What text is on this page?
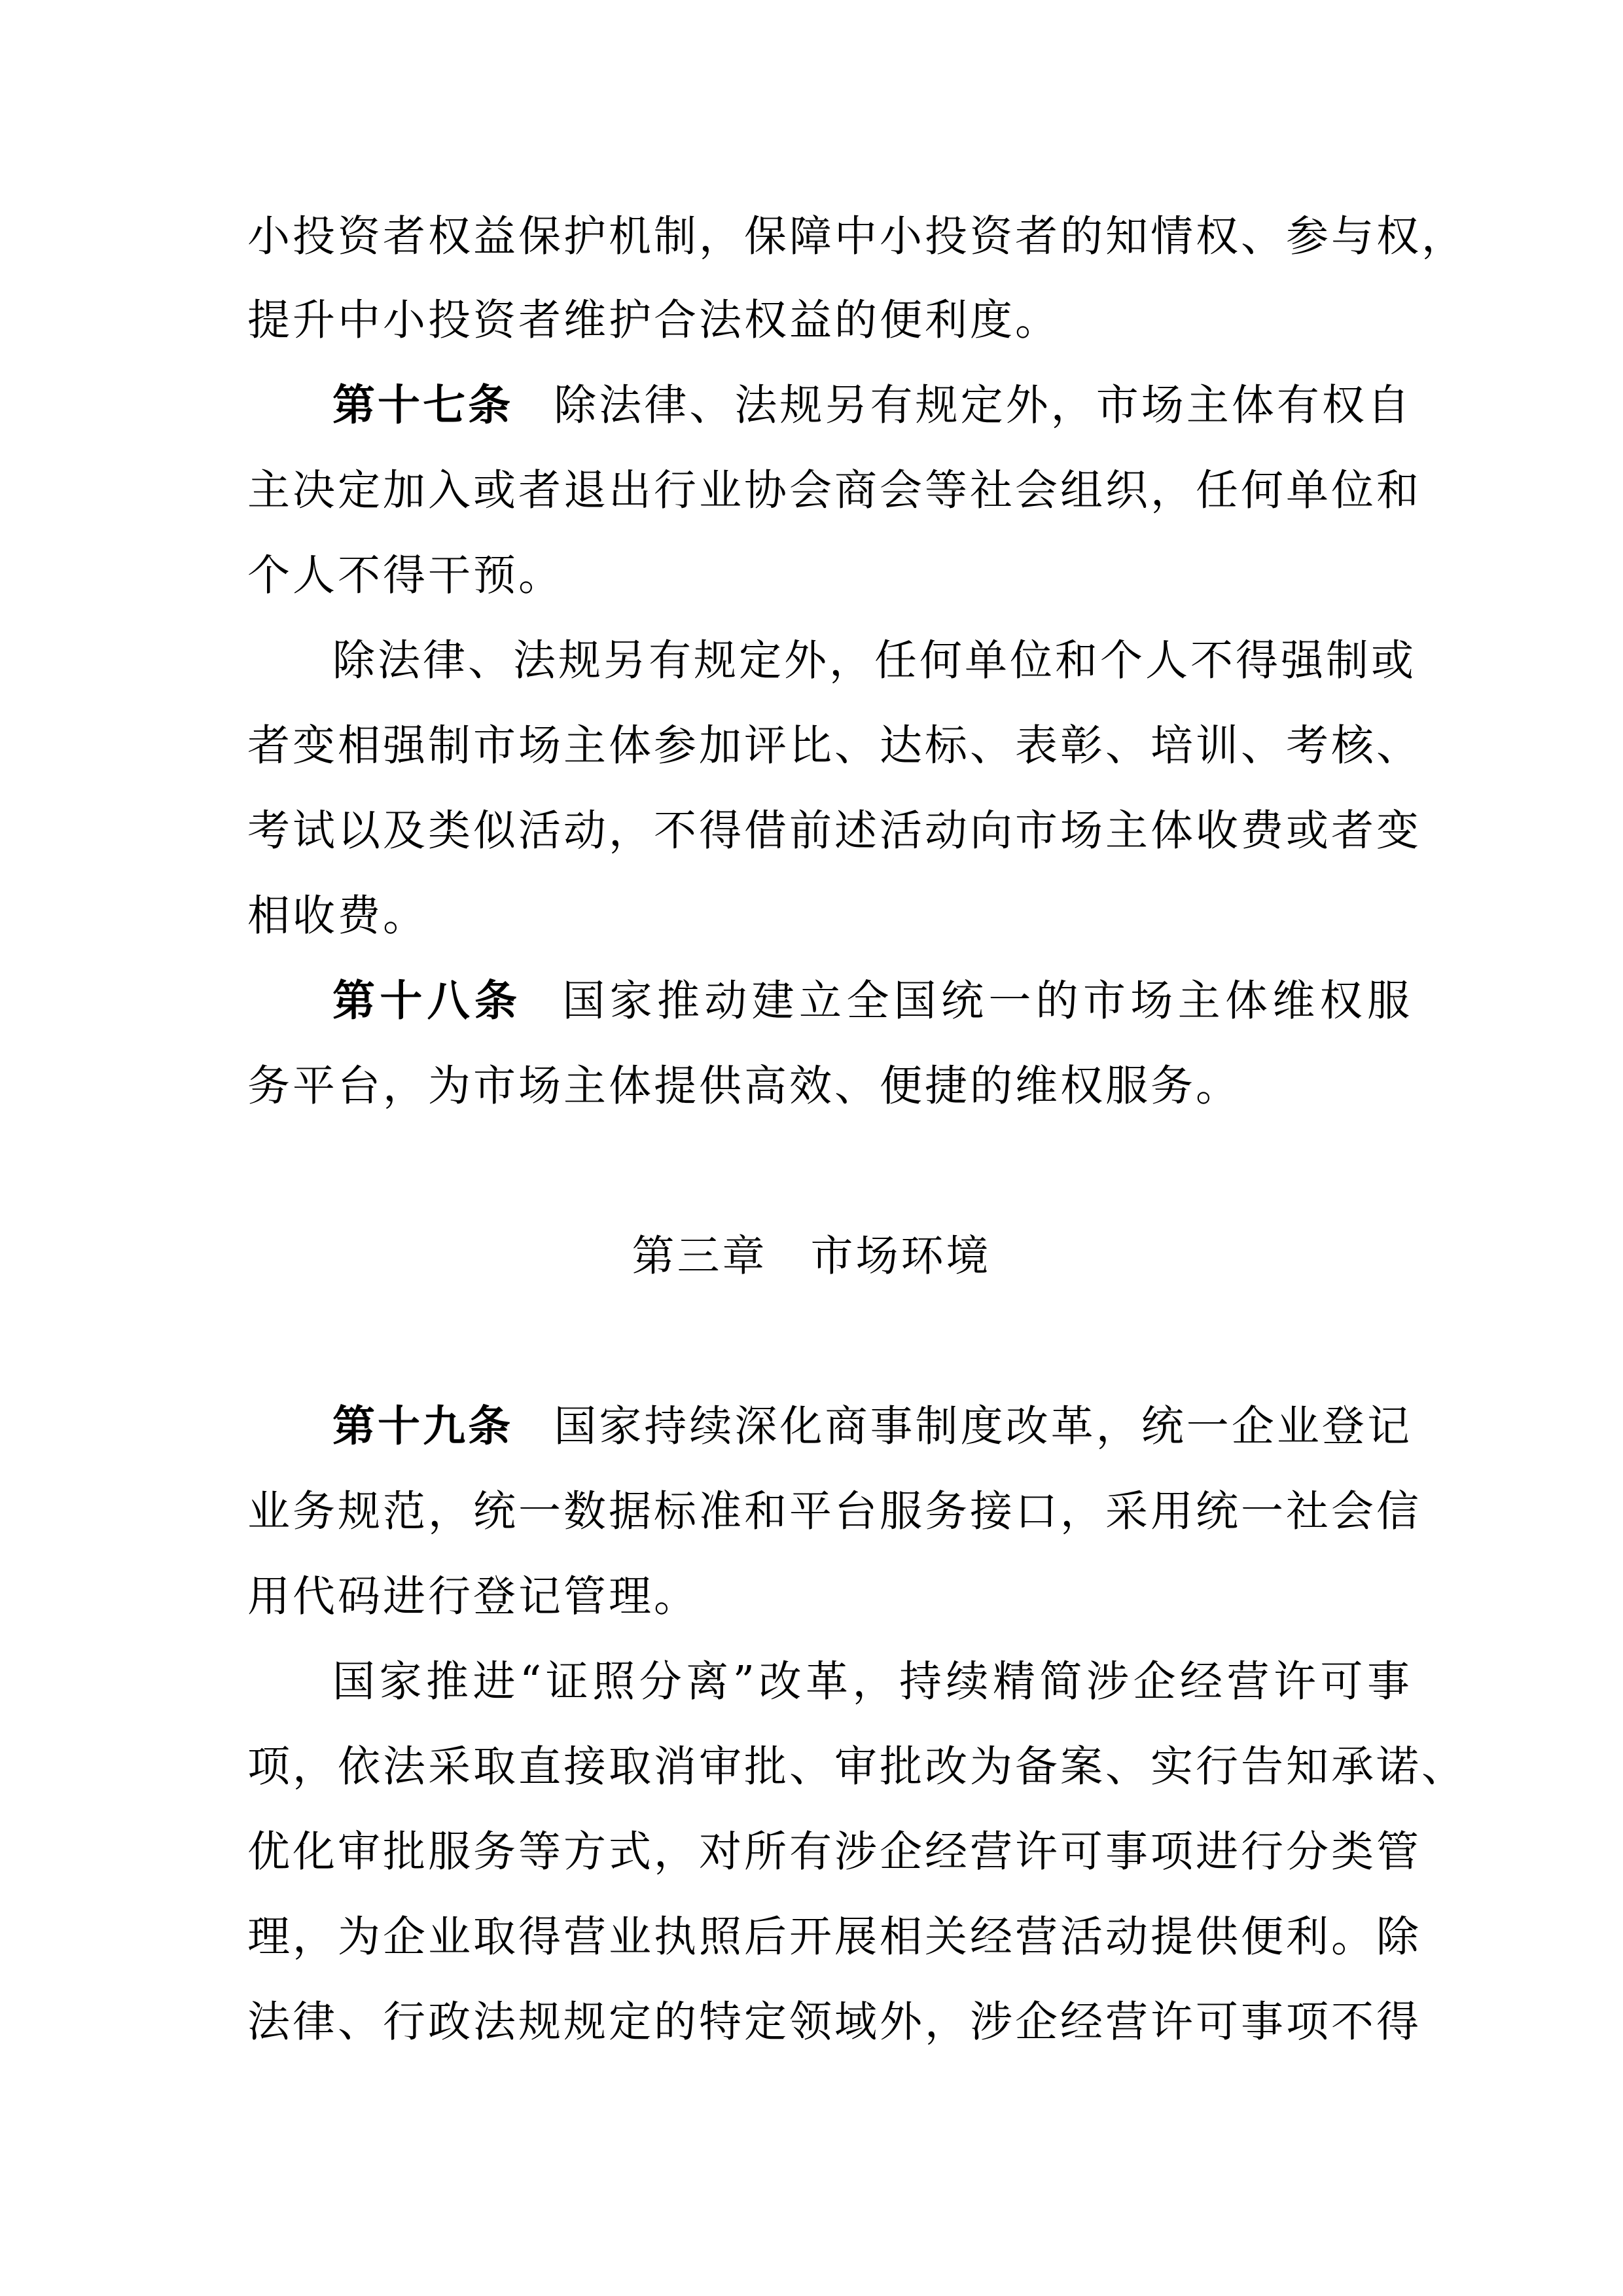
小投资者权益保护机制，保障中小投资者的知情权、参与权，
提升中小投资者维护合法权益的便利度。
第十七条 除法律、法规另有规定外，市场主体有权自
主决定加入或者退出行业协会商会等社会组织，任何单位和
个人不得干预。
除法律、法规另有规定外，任何单位和个人不得强制或
者变相强制市场主体参加评比、达标、表彰、培训、考核、
考试以及类似活动，不得借前述活动向市场主体收费或者变
相收费。
第十八条 国家推动建立全国统一的市场主体维权服
务平台，为市场主体提供高效、便捷的维权服务。
第三章 市场环境
第十九条 国家持续深化商事制度改革，统一企业登记
业务规范，统一数据标准和平台服务接口，采用统一社会信
用代码进行登记管理。
国家推进“证照分离”改革，持续精简涉企经营许可事
项，依法采取直接取消审批、审批改为备案、实行告知承诺、
优化审批服务等方式，对所有涉企经营许可事项进行分类管
理，为企业取得营业执照后开展相关经营活动提供便利。除
法律、行政法规规定的特定领域外，涉企经营许可事项不得
